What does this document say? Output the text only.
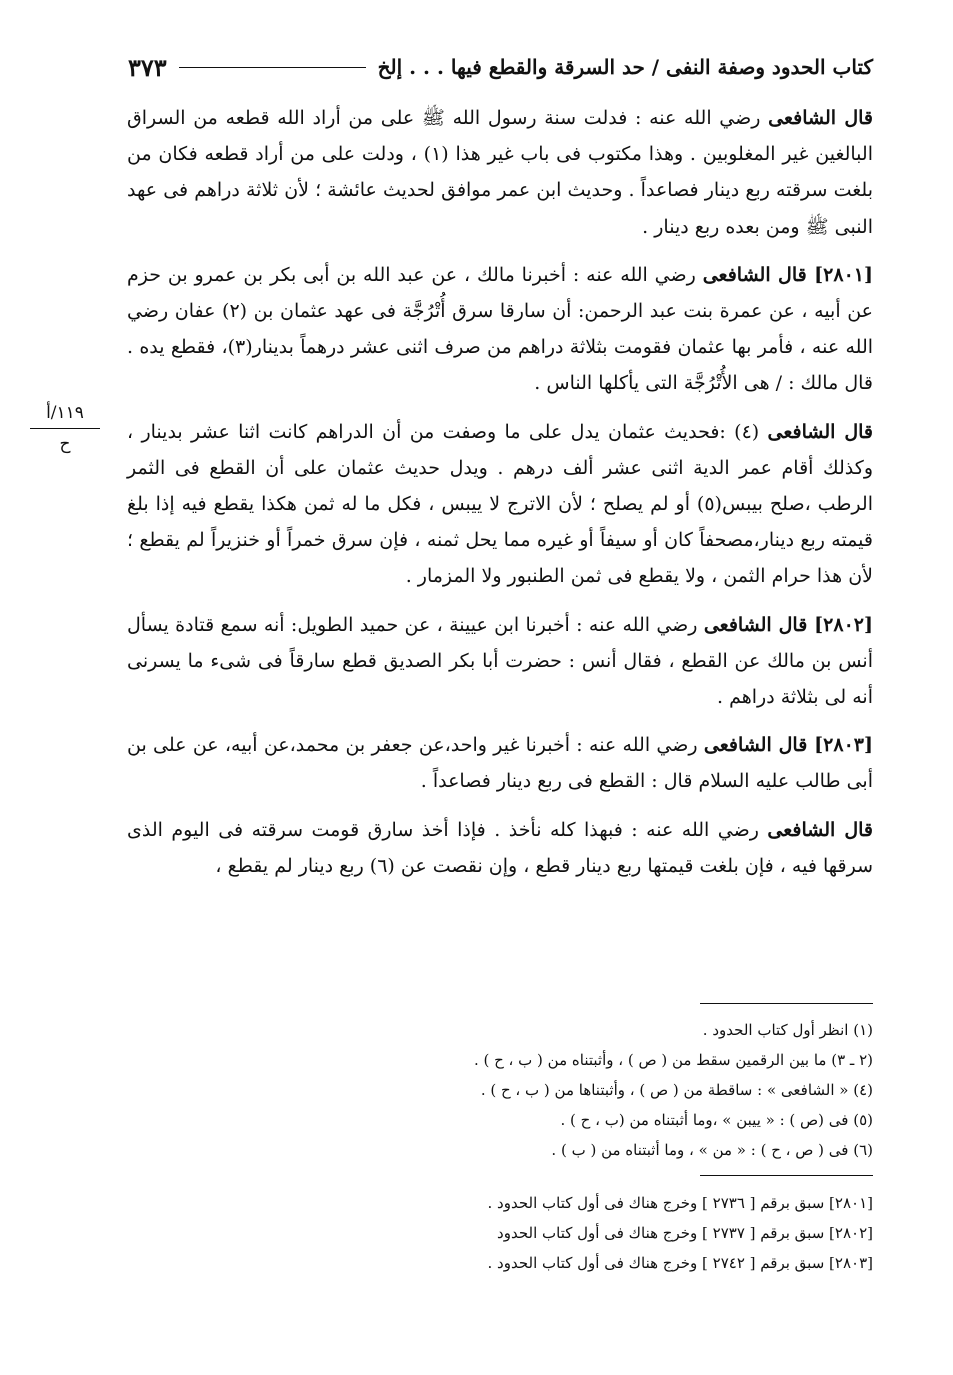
كتاب الحدود وصفة النفى / حد السرقة والقطع فيها . . . إلخ
٣٧٣
١١٩/أ
ح

قال الشافعى رضي الله عنه : فدلت سنة رسول الله ﷺ على من أراد الله قطعه من السراق البالغين غير المغلوبين . وهذا مكتوب فى باب غير هذا (١) ، ودلت على من أراد قطعه فكان من بلغت سرقته ربع دينار فصاعداً . وحديث ابن عمر موافق لحديث عائشة ؛ لأن ثلاثة دراهم فى عهد النبى ﷺ ومن بعده ربع دينار .

[٢٨٠١] قال الشافعى رضي الله عنه : أخبرنا مالك ، عن عبد الله بن أبى بكر بن عمرو بن حزم عن أبيه ، عن عمرة بنت عبد الرحمن: أن سارقا سرق أُتْرُجَّة فى عهد عثمان بن (٢) عفان رضي الله عنه ، فأمر بها عثمان فقومت بثلاثة دراهم من صرف اثنى عشر درهماً بدينار(٣)، فقطع يده . قال مالك : / هى الأُتْرُجَّة التى يأكلها الناس .

قال الشافعى (٤) :فحديث عثمان يدل على ما وصفت من أن الدراهم كانت اثنا عشر بدينار ، وكذلك أقام عمر الدية اثنى عشر ألف درهم . ويدل حديث عثمان على أن القطع فى الثمر الرطب ،صلح بيبس(٥) أو لم يصلح ؛ لأن الاترج لا ييبس ، فكل ما له ثمن هكذا يقطع فيه إذا بلغ قيمته ربع دينار،مصحفاً كان أو سيفاً أو غيره مما يحل ثمنه ، فإن سرق خمراً أو خنزيراً لم يقطع ؛لأن هذا حرام الثمن ، ولا يقطع فى ثمن الطنبور ولا المزمار .

[٢٨٠٢] قال الشافعى رضي الله عنه : أخبرنا ابن عيينة ، عن حميد الطويل: أنه سمع قتادة يسأل أنس بن مالك عن القطع ، فقال أنس : حضرت أبا بكر الصديق قطع سارقاً فى شىء ما يسرنى أنه لى بثلاثة دراهم .

[٢٨٠٣] قال الشافعى رضي الله عنه : أخبرنا غير واحد،عن جعفر بن محمد،عن أبيه، عن على بن أبى طالب عليه السلام قال : القطع فى ربع دينار فصاعداً .

قال الشافعى رضي الله عنه : فبهذا كله نأخذ . فإذا أخذ سارق قومت سرقته فى اليوم الذى سرقها فيه ، فإن بلغت قيمتها ربع دينار قطع ، وإن نقصت عن (٦) ربع دينار لم يقطع ،

(١) انظر أول كتاب الحدود .
(٢ ـ ٣) ما بين الرقمين سقط من ( ص ) ، وأثبتناه من ( ب ، ح ) .
(٤) « الشافعى » : ساقطة من ( ص ) ، وأثبتناها من ( ب ، ح ) .
(٥) فى (ص ) : « ييبن » ،وما أثبتناه من (ب ، ح ) .
(٦) فى ( ص ، ح ) : « من » ، وما أثبتناه من ( ب ) .
[٢٨٠١] سبق برقم [ ٢٧٣٦ ] وخرج هناك فى أول كتاب الحدود .
[٢٨٠٢] سبق برقم [ ٢٧٣٧ ] وخرج هناك فى أول كتاب الحدود
[٢٨٠٣] سبق برقم [ ٢٧٤٢ ] وخرج هناك فى أول كتاب الحدود .
